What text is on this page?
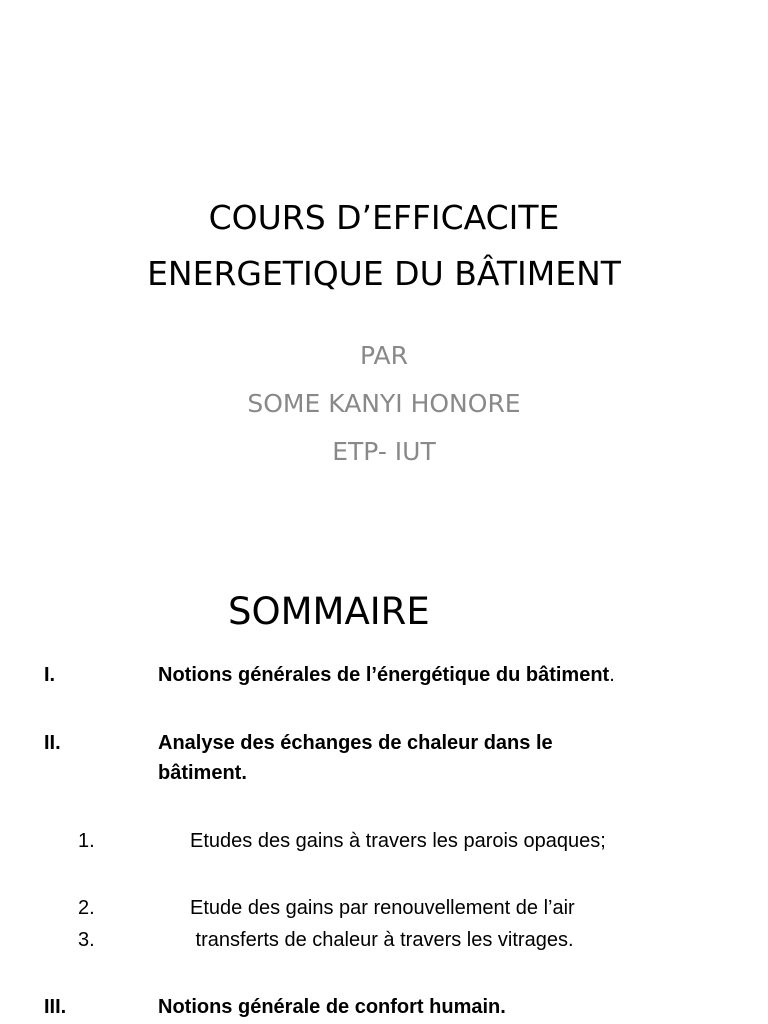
COURS D’EFFICACITE
ENERGETIQUE DU BÂTIMENT
PAR
SOME KANYI HONORE
ETP- IUT
SOMMAIRE
I.	Notions générales de l’énergétique du bâtiment.
II.	Analyse des échanges de chaleur dans le
bâtiment.
1.	Etudes des gains à travers les parois opaques;
2.	Etude des gains par renouvellement de l’air
3.	transferts de chaleur à travers les vitrages.
III.	Notions générale de confort humain.
